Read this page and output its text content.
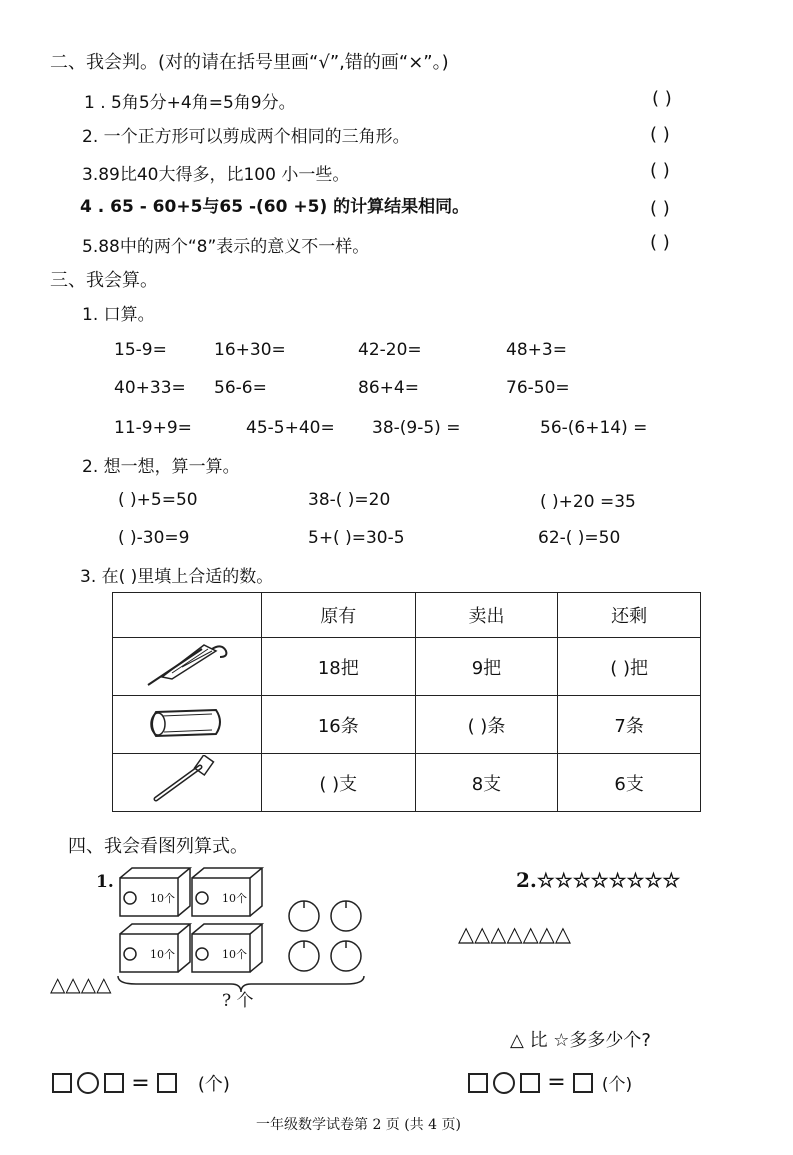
二、我会判。(对的请在括号里画“√”,错的画“×”。)
1 . 5角5分+4角=5角9分。	( )
2. 一个正方形可以剪成两个相同的三角形。	( )
3.89比40大得多，比100 小一些。	( )
4 . 65 - 60+5与65 -(60 +5) 的计算结果相同。	( )
5.88中的两个“8”表示的意义不一样。	( )
三、我会算。
1. 口算。
15-9=	16+30=	42-20=	48+3=
40+33= 56-6=	86+4=	76-50=
11-9+9=	45-5+40= 38-(9-5) =	56-(6+14) =
2. 想一想，算一算。
( )+5=50	38-( )=20	( )+20 =35
( )-30=9	5+( )=30-5	62-( )=50
3. 在( )里填上合适的数。
	原有	卖出	还剩
	18把	9把	( )把
	16条	( )条	7条
	( )支	8支	6支
四、我会看图列算式。
1.
10个	10个
10个	10个
? 个
△△△△
2.☆☆☆☆☆☆☆☆
△△△△△△△
△ 比 ☆多多少个?
=	(个)	= (个)
一年级数学试卷第 2 页 (共 4 页)
